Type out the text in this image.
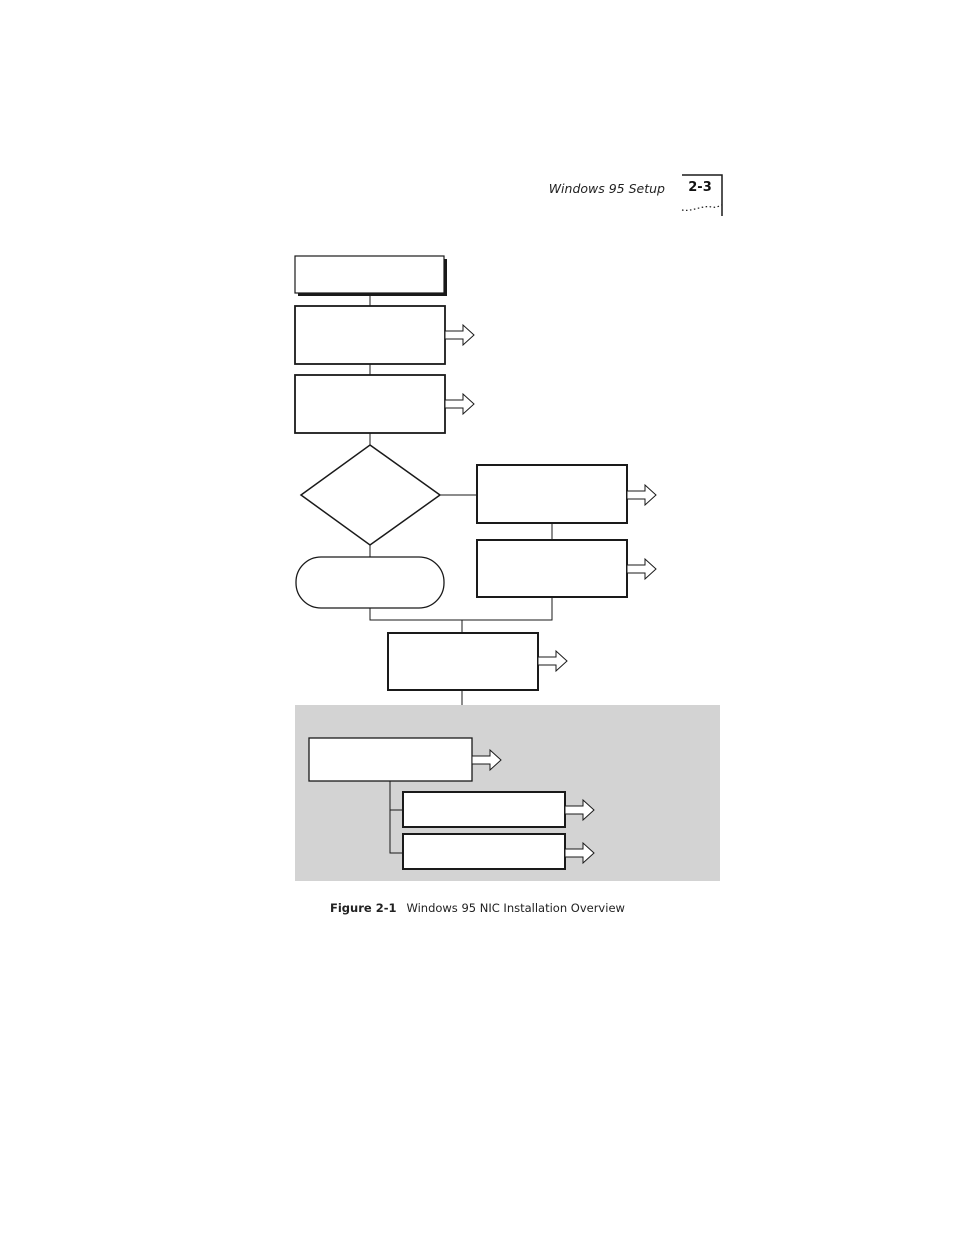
Windows 95 Setup	2-3
Figure 2-1 Windows 95 NIC Installation Overview
